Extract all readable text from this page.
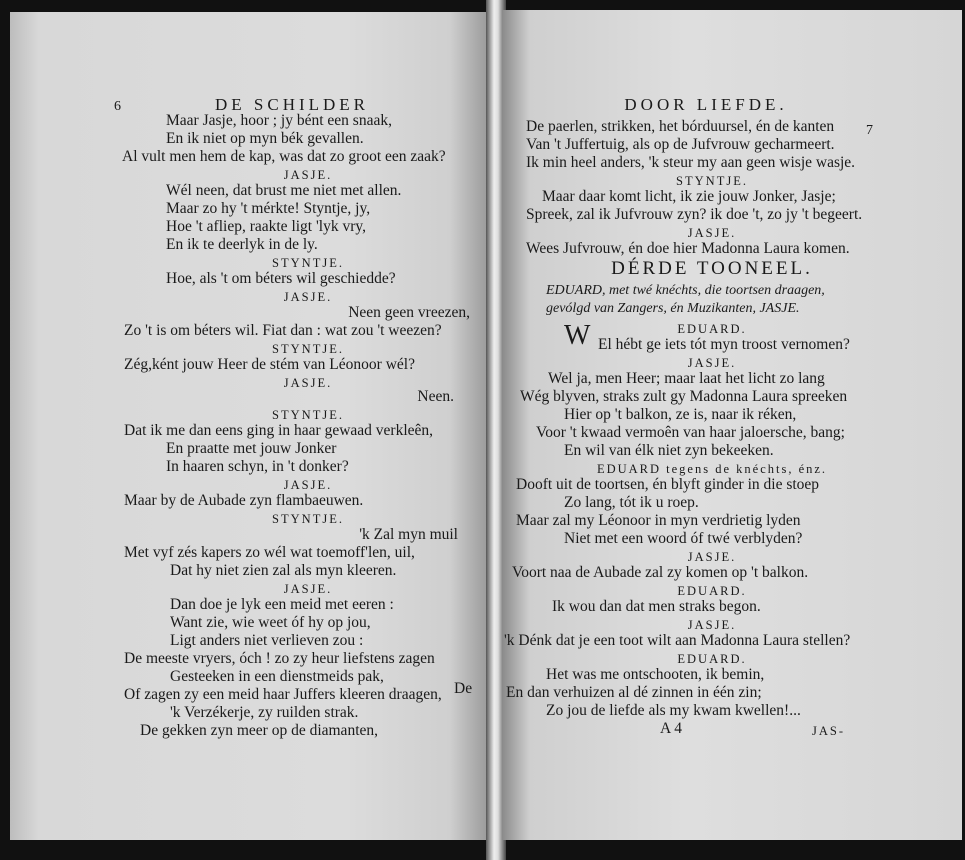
6	DE SCHILDER
Maar Jasje, hoor ; jy bént een snaak,
En ik niet op myn bék gevallen.
Al vult men hem de kap, was dat zo groot een zaak?
JASJE.
Wél neen, dat brust me niet met allen.
Maar zo hy 't mérkte! Styntje, jy,
Hoe 't afliep, raakte ligt 'lyk vry,
En ik te deerlyk in de ly.
STYNTJE.
Hoe, als 't om béters wil geschiedde?
JASJE.
Neen geen vreezen,
Zo 't is om béters wil. Fiat dan : wat zou 't weezen?
STYNTJE.
Zég,ként jouw Heer de stém van Léonoor wél?
JASJE.
Neen.
STYNTJE.
Dat ik me dan eens ging in haar gewaad verkleên,
En praatte met jouw Jonker
In haaren schyn, in 't donker?
JASJE.
Maar by de Aubade zyn flambaeuwen.
STYNTJE.
'k Zal myn muil
Met vyf zés kapers zo wél wat toemoff'len, uil,
Dat hy niet zien zal als myn kleeren.
JASJE.
Dan doe je lyk een meid met eeren :
Want zie, wie weet óf hy op jou,
Ligt anders niet verlieven zou :
De meeste vryers, óch ! zo zy heur liefstens zagen
Gesteeken in een dienstmeids pak,
Of zagen zy een meid haar Juffers kleeren draagen,
'k Verzékerje, zy ruilden strak.
De gekken zyn meer op de diamanten,
De
DOOR LIEFDE.
7
De paerlen, strikken, het bórduursel, én de kanten
Van 't Juffertuig, als op de Jufvrouw gecharmeert.
Ik min heel anders, 'k steur my aan geen wisje wasje.
STYNTJE.
Maar daar komt licht, ik zie jouw Jonker, Jasje;
Spreek, zal ik Jufvrouw zyn? ik doe 't, zo jy 't begeert.
JASJE.
Wees Jufvrouw, én doe hier Madonna Laura komen.
DÉRDE TOONEEL.
EDUARD, met twé knéchts, die toortsen draagen,
gevólgd van Zangers, én Muzikanten, JASJE.
EDUARD.
W El hébt ge iets tót myn troost vernomen?
JASJE.
Wel ja, men Heer; maar laat het licht zo lang
Wég blyven, straks zult gy Madonna Laura spreeken
Hier op 't balkon, ze is, naar ik réken,
Voor 't kwaad vermoên van haar jaloersche, bang;
En wil van élk niet zyn bekeeken.
EDUARD tegens de knéchts, énz.
Dooft uit de toortsen, én blyft ginder in die stoep
Zo lang, tót ik u roep.
Maar zal my Léonoor in myn verdrietig lyden
Niet met een woord óf twé verblyden?
JASJE.
Voort naa de Aubade zal zy komen op 't balkon.
EDUARD.
Ik wou dan dat men straks begon.
JASJE.
'k Dénk dat je een toot wilt aan Madonna Laura stellen?
EDUARD.
Het was me ontschooten, ik bemin,
En dan verhuizen al dé zinnen in één zin;
Zo jou de liefde als my kwam kwellen!...
A 4	JAS-
